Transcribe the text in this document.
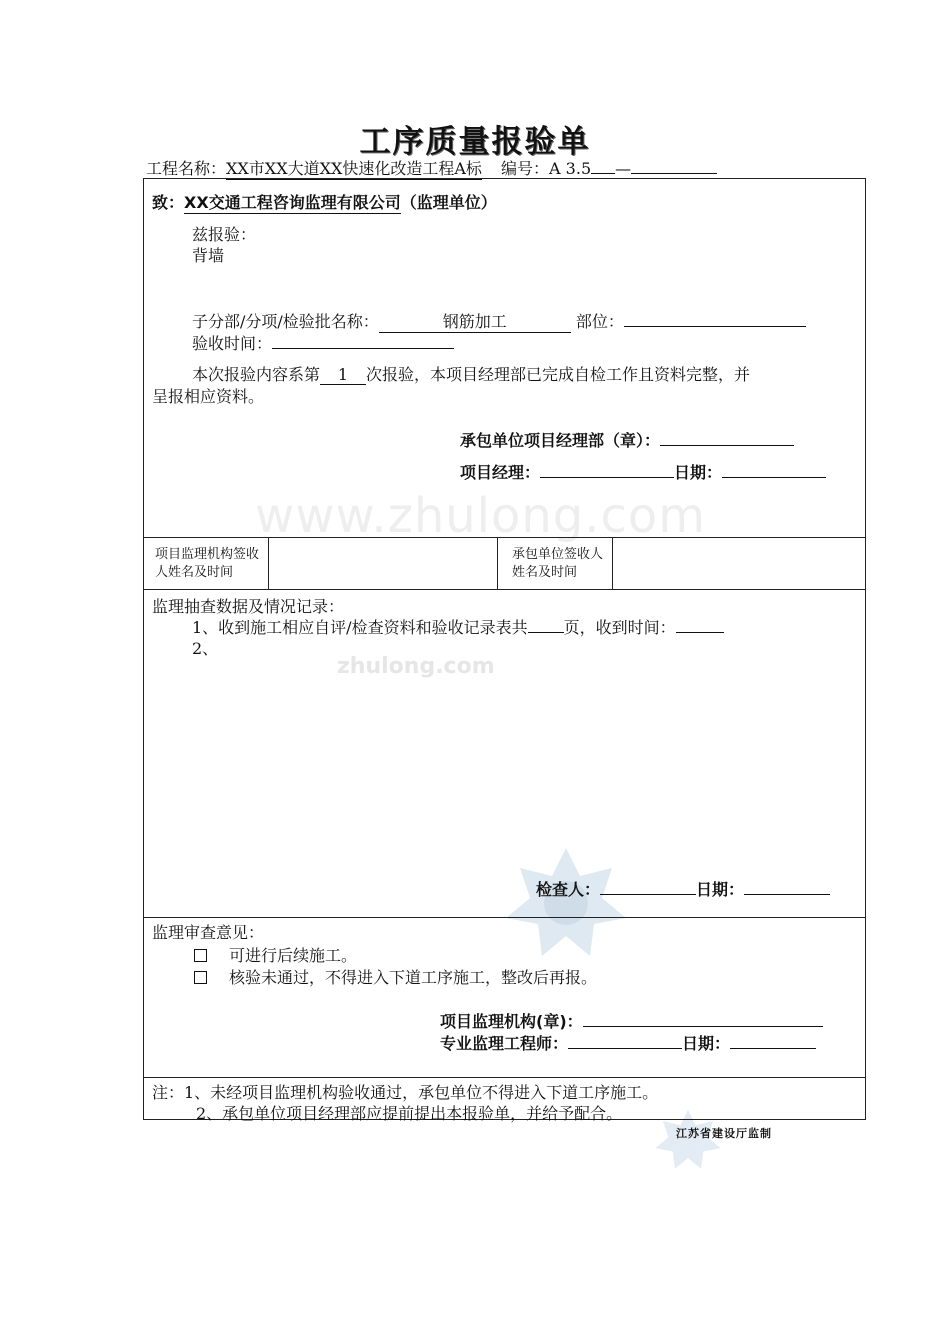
www.zhulong.com
zhulong.com
工序质量报验单
工程名称：XX市XX大道XX快速化改造工程A标 编号：A 3.5 —
致：XX交通工程咨询监理有限公司（监理单位）
兹报验：
背墙
子分部/分项/检验批名称：	钢筋加工	部位：
验收时间：
本次报验内容系第 1 次报验，本项目经理部已完成自检工作且资料完整，并
呈报相应资料。
承包单位项目经理部（章）：
项目经理：	日期：
项目监理机构签收人姓名及时间
承包单位签收人姓名及时间
监理抽查数据及情况记录：
1、收到施工相应自评/检查资料和验收记录表共 页，收到时间：
2、
检查人：	日期：
监理审查意见：
可进行后续施工。
核验未通过，不得进入下道工序施工，整改后再报。
项目监理机构(章)：
专业监理工程师：	日期：
注：1、未经项目监理机构验收通过，承包单位不得进入下道工序施工。
2、承包单位项目经理部应提前提出本报验单，并给予配合。
江苏省建设厅监制
